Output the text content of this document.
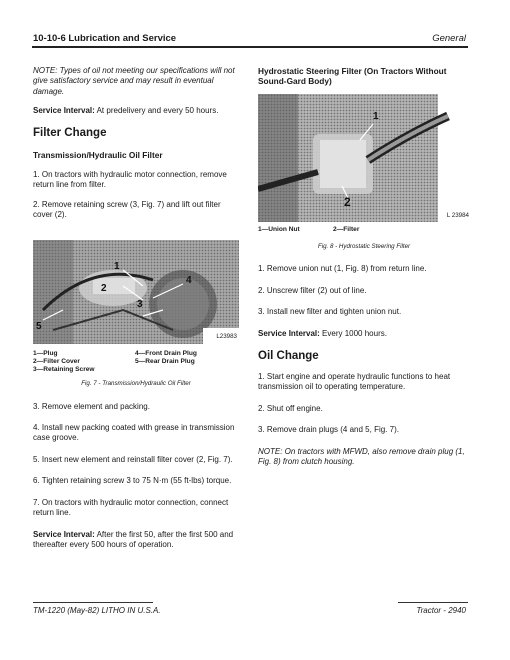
10-10-6 Lubrication and Service	General

NOTE: Types of oil not meeting our specifications will not give satisfactory service and may result in eventual damage.

Service Interval: At predelivery and every 50 hours.

Filter Change

Transmission/Hydraulic Oil Filter

1. On tractors with hydraulic motor connection, remove return line from filter.

2. Remove retaining screw (3, Fig. 7) and lift out filter cover (2).

1
2
3
4
5
L23983
1—Plug
2—Filter Cover
3—Retaining Screw
4—Front Drain Plug
5—Rear Drain Plug

Fig. 7 - Transmission/Hydraulic Oil Filter

3. Remove element and packing.

4. Install new packing coated with grease in transmission case groove.

5. Insert new element and reinstall filter cover (2, Fig. 7).

6. Tighten retaining screw 3 to 75 N·m (55 ft-lbs) torque.

7. On tractors with hydraulic motor connection, connect return line.

Service Interval: After the first 50, after the first 500 and thereafter every 500 hours of operation.

Hydrostatic Steering Filter (On Tractors Without Sound-Gard Body)

1
2
L 23984
1—Union Nut	2—Filter

Fig. 8 - Hydrostatic Steering Filter

1. Remove union nut (1, Fig. 8) from return line.

2. Unscrew filter (2) out of line.

3. Install new filter and tighten union nut.

Service Interval: Every 1000 hours.

Oil Change

1. Start engine and operate hydraulic functions to heat transmission oil to operating temperature.

2. Shut off engine.

3. Remove drain plugs (4 and 5, Fig. 7).

NOTE: On tractors with MFWD, also remove drain plug (1, Fig. 8) from clutch housing.

TM-1220 (May-82) LITHO IN U.S.A.	Tractor - 2940
